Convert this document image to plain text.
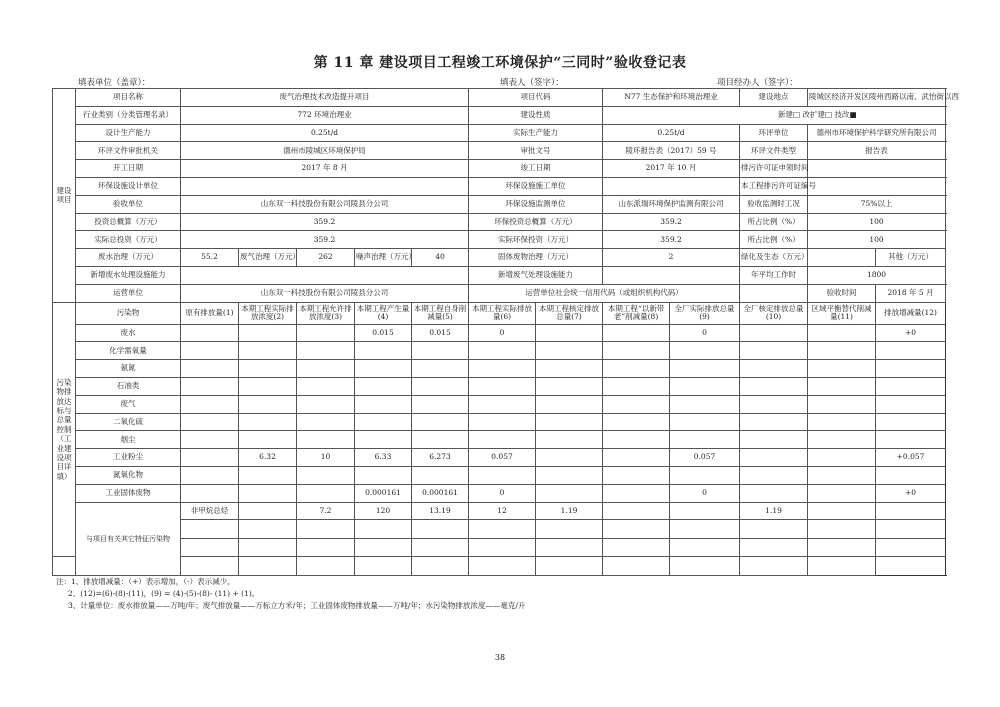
第 11 章 建设项目工程竣工环境保护“三同时”验收登记表
填表单位（盖章）：	填表人（签字）：	项目经办人（签字）：
建设项目	项目名称	废气治理技术改造提升项目					项目代码		N77 生态保护和环境治理业		建设地点	陵城区经济开发区陵州西路以南、武怡街以西		
	行业类别（分类管理名录）	772 环境治理业					建设性质		新建□ 改扩建□ 技改■					
	设计生产能力	0.25t/d					实际生产能力		0.25t/d		环评单位	德州市环境保护科学研究所有限公司		
	环评文件审批机关	德州市陵城区环境保护局					审批文号		陵环报告表（2017）59 号		环评文件类型	报告表		
	开工日期	2017 年 8 月					竣工日期		2017 年 10 月		排污许可证申领时间			
	环保设施设计单位						环保设施施工单位				本工程排污许可证编号			
	验收单位	山东双一科技股份有限公司陵县分公司					环保设施监测单位		山东派瑞环境保护监测有限公司		验收监测时工况	75%以上		
	投资总概算（万元）	359.2					环保投资总概算（万元）		359.2		所占比例（%）	100		
	实际总投资（万元）	359.2					实际环保投资（万元）		359.2		所占比例（%）	100		
	废水治理（万元）	55.2	废气治理（万元）	262	噪声治理（万元）	40	固体废物治理（万元）		2		绿化及生态（万元）		其他（万元）	
	新增废水处理设施能力						新增废气处理设施能力				年平均工作时	1800		
	运营单位	山东双一科技股份有限公司陵县分公司					运营单位社会统一信用代码（或组织机构代码）					验收时间	2018 年 5 月	
污染物排放达标与总量控制（工业建设项目详填）	污染物	原有排放量(1)	本期工程实际排放浓度(2)	本期工程允许排放浓度(3)	本期工程产生量(4)	本期工程自身削减量(5)	本期工程实际排放量(6)	本期工程核定排放总量(7)	本期工程“以新带老”削减量(8)	全厂实际排放总量(9)	全厂核定排放总量(10)	区域平衡替代削减量(11)	排放增减量(12)	
	废水				0.015	0.015	0			0			+0	
	化学需氧量													
	氨氮													
	石油类													
	废气													
	二氧化硫													
	烟尘													
	工业粉尘		6.32	10	6.33	6.273	0.057			0.057			+0.057	
	氮氧化物													
	工业固体废物				0.000161	0.000161	0			0			+0	
	与项目有关其它特征污染物	非甲烷总烃		7.2	120	13.19	12	1.19			1.19			

注：1、排放增减量：（+）表示增加，（-）表示减少。
2、(12)=(6)-(8)-(11)，(9) = (4)-(5)-(8)- (11) + (1)。
3、计量单位：废水排放量——万吨/年；废气排放量——万标立方米/年；工业固体废物排放量——万吨/年；水污染物排放浓度——毫克/升
38
